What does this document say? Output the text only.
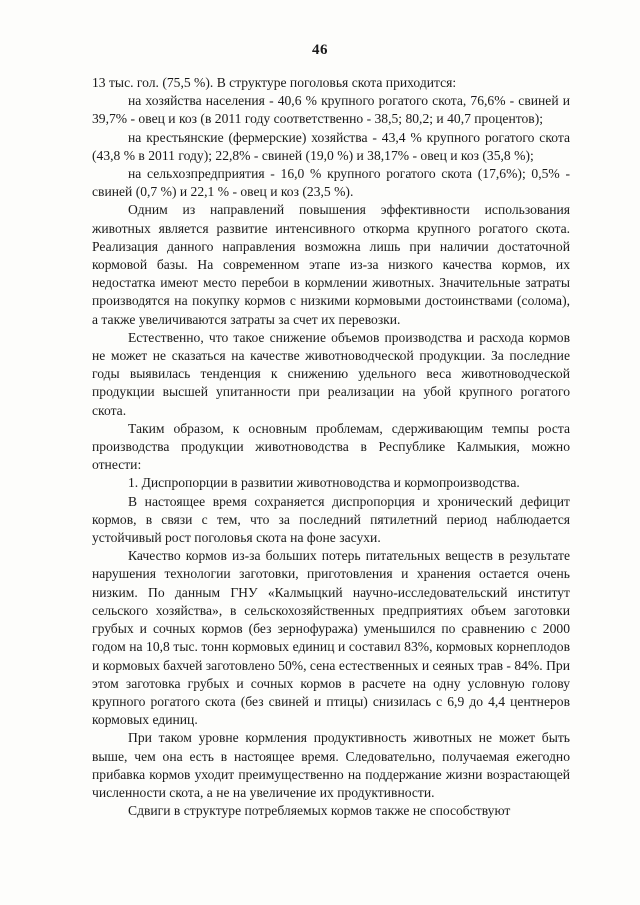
46

13 тыс. гол. (75,5 %). В структуре поголовья скота приходится:

на хозяйства населения - 40,6 % крупного рогатого скота, 76,6% - свиней и 39,7% - овец и коз (в 2011 году соответственно - 38,5; 80,2; и 40,7 процентов);

на крестьянские (фермерские) хозяйства - 43,4 % крупного рогатого скота (43,8 % в 2011 году); 22,8% - свиней (19,0 %) и 38,17% - овец и коз (35,8 %);

на сельхозпредприятия - 16,0 % крупного рогатого скота (17,6%); 0,5% - свиней (0,7 %) и 22,1 % - овец и коз (23,5 %).

Одним из направлений повышения эффективности использования животных является развитие интенсивного откорма крупного рогатого скота. Реализация данного направления возможна лишь при наличии достаточной кормовой базы. На современном этапе из-за низкого качества кормов, их недостатка имеют место перебои в кормлении животных. Значительные затраты производятся на покупку кормов с низкими кормовыми достоинствами (солома), а также увеличиваются затраты за счет их перевозки.

Естественно, что такое снижение объемов производства и расхода кормов не может не сказаться на качестве животноводческой продукции. За последние годы выявилась тенденция к снижению удельного веса животноводческой продукции высшей упитанности при реализации на убой крупного рогатого скота.

Таким образом, к основным проблемам, сдерживающим темпы роста производства продукции животноводства в Республике Калмыкия, можно отнести:

1. Диспропорции в развитии животноводства и кормопроизводства.

В настоящее время сохраняется диспропорция и хронический дефицит кормов, в связи с тем, что за последний пятилетний период наблюдается устойчивый рост поголовья скота на фоне засухи.

Качество кормов из-за больших потерь питательных веществ в результате нарушения технологии заготовки, приготовления и хранения остается очень низким. По данным ГНУ «Калмыцкий научно-исследовательский институт сельского хозяйства», в сельскохозяйственных предприятиях объем заготовки грубых и сочных кормов (без зернофуража) уменьшился по сравнению с 2000 годом на 10,8 тыс. тонн кормовых единиц и составил 83%, кормовых корнеплодов и кормовых бахчей заготовлено 50%, сена естественных и сеяных трав - 84%. При этом заготовка грубых и сочных кормов в расчете на одну условную голову крупного рогатого скота (без свиней и птицы) снизилась с 6,9 до 4,4 центнеров кормовых единиц.

При таком уровне кормления продуктивность животных не может быть выше, чем она есть в настоящее время. Следовательно, получаемая ежегодно прибавка кормов уходит преимущественно на поддержание жизни возрастающей численности скота, а не на увеличение их продуктивности.

Сдвиги в структуре потребляемых кормов также не способствуют
